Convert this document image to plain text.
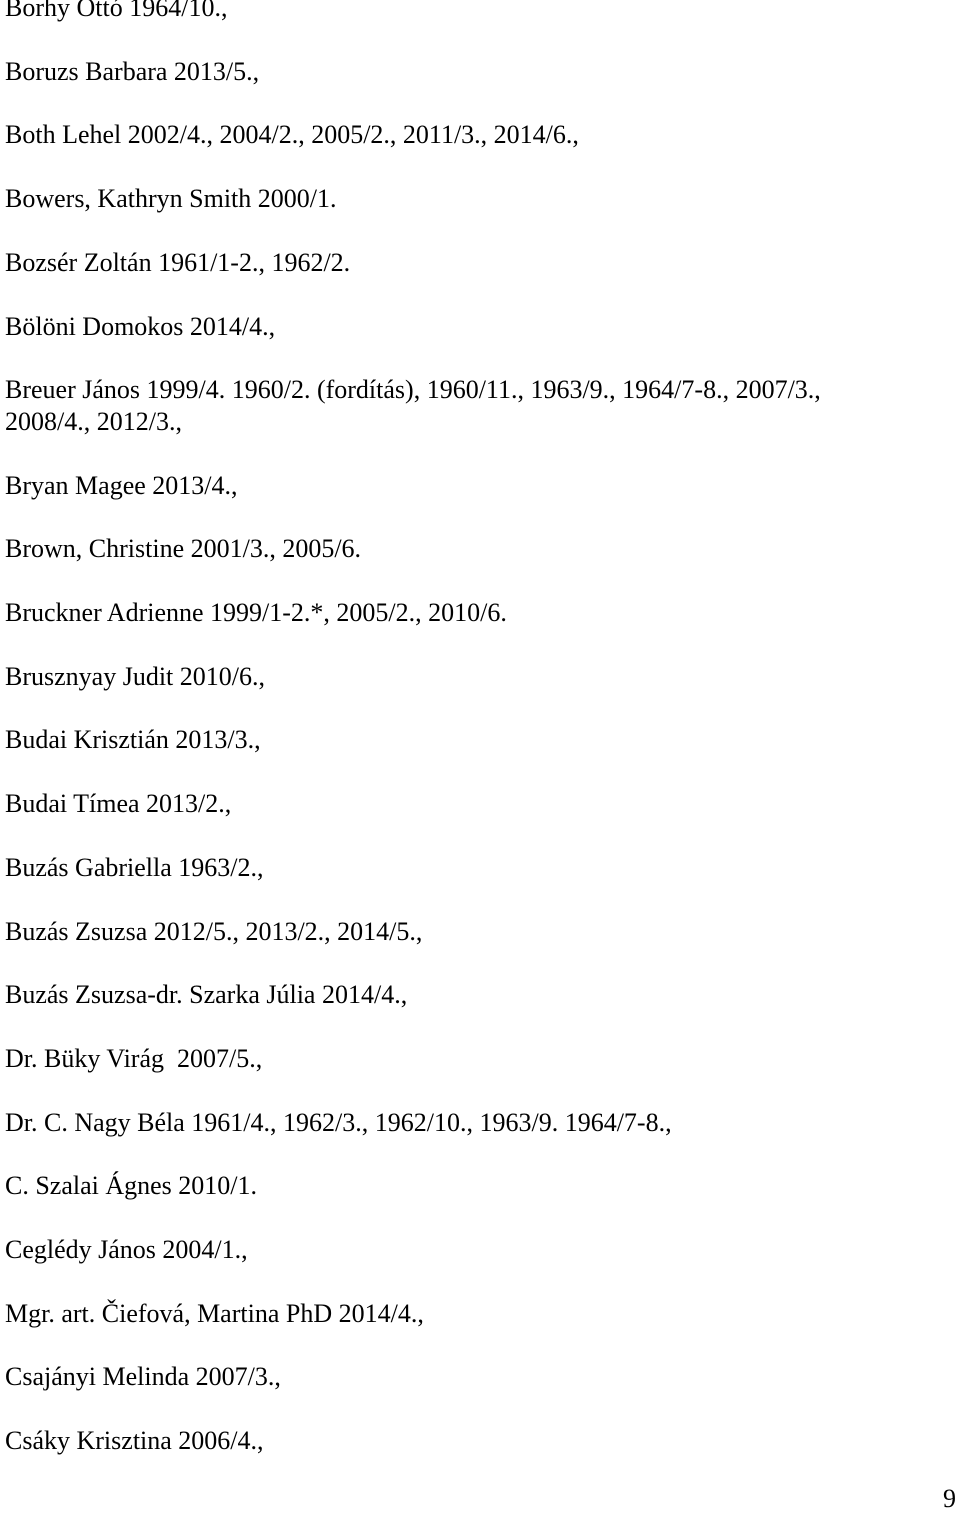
Borhy Ottó 1964/10.,
Boruzs Barbara 2013/5.,
Both Lehel 2002/4., 2004/2., 2005/2., 2011/3., 2014/6.,
Bowers, Kathryn Smith 2000/1.
Bozsér Zoltán 1961/1-2., 1962/2.
Bölöni Domokos 2014/4.,
Breuer János 1999/4. 1960/2. (fordítás), 1960/11., 1963/9., 1964/7-8., 2007/3.,
2008/4., 2012/3.,
Bryan Magee 2013/4.,
Brown, Christine 2001/3., 2005/6.
Bruckner Adrienne 1999/1-2.*, 2005/2., 2010/6.
Brusznyay Judit 2010/6.,
Budai Krisztián 2013/3.,
Budai Tímea 2013/2.,
Buzás Gabriella 1963/2.,
Buzás Zsuzsa 2012/5., 2013/2., 2014/5.,
Buzás Zsuzsa-dr. Szarka Júlia 2014/4.,
Dr. Büky Virág  2007/5.,
Dr. C. Nagy Béla 1961/4., 1962/3., 1962/10., 1963/9. 1964/7-8.,
C. Szalai Ágnes 2010/1.
Ceglédy János 2004/1.,
Mgr. art. Čiefová, Martina PhD 2014/4.,
Csajányi Melinda 2007/3.,
Csáky Krisztina 2006/4.,
9
